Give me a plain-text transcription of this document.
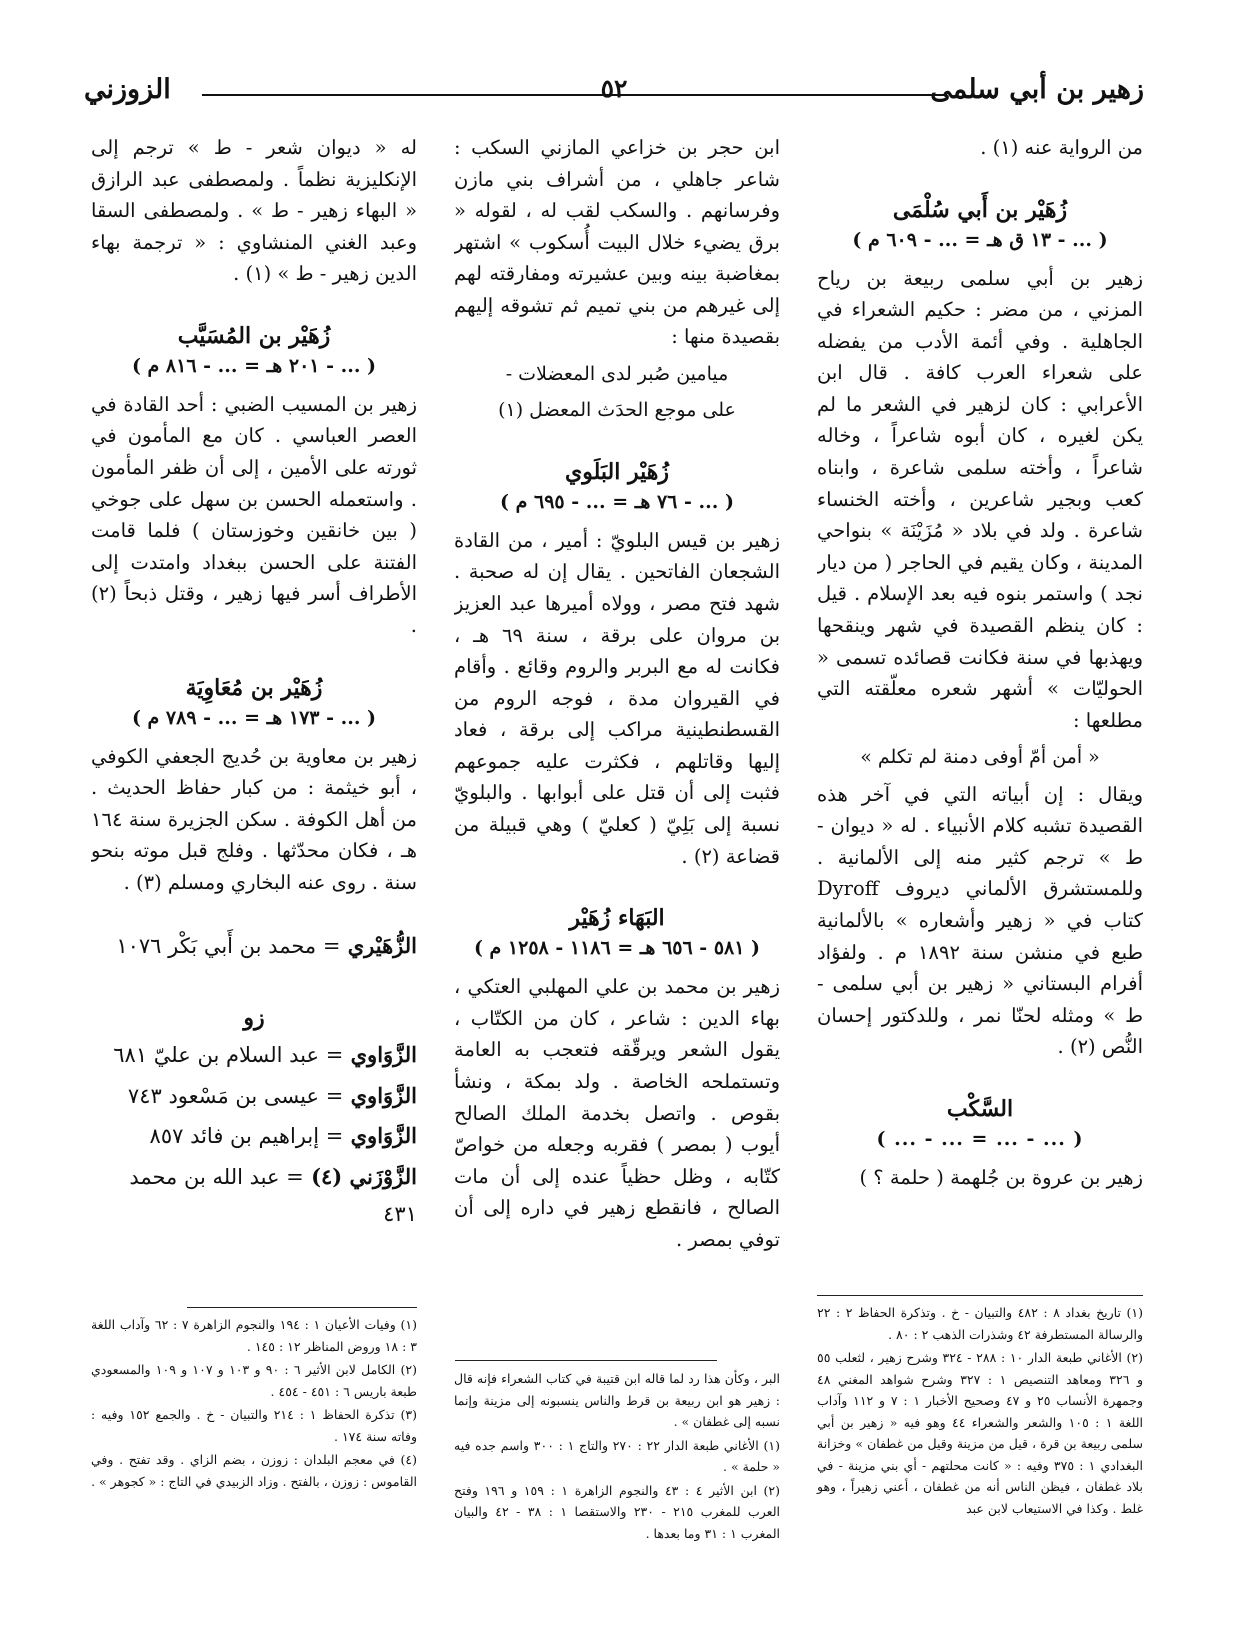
زهير بن أبي سلمى
٥٢
الزوزني

من الرواية عنه (١) .

زُهَيْر بن أَبي سُلْمَى
( ... - ١٣ ق هـ = ... - ٦٠٩ م )

زهير بن أبي سلمى ربيعة بن رياح المزني ، من مضر : حكيم الشعراء في الجاهلية . وفي أئمة الأدب من يفضله على شعراء العرب كافة . قال ابن الأعرابي : كان لزهير في الشعر ما لم يكن لغيره ، كان أبوه شاعراً ، وخاله شاعراً ، وأخته سلمى شاعرة ، وابناه كعب وبجير شاعرين ، وأخته الخنساء شاعرة . ولد في بلاد « مُزَيْنَة » بنواحي المدينة ، وكان يقيم في الحاجر ( من ديار نجد ) واستمر بنوه فيه بعد الإسلام . قيل : كان ينظم القصيدة في شهر وينقحها ويهذبها في سنة فكانت قصائده تسمى « الحوليّات » أشهر شعره معلّقته التي مطلعها :

« أمن أمّ أوفى دمنة لم تكلم »

ويقال : إن أبياته التي في آخر هذه القصيدة تشبه كلام الأنبياء . له « ديوان - ط » ترجم كثير منه إلى الألمانية . وللمستشرق الألماني ديروف Dyroff كتاب في « زهير وأشعاره » بالألمانية طبع في منشن سنة ١٨٩٢ م . ولفؤاد أفرام البستاني « زهير بن أبي سلمى - ط » ومثله لحنّا نمر ، وللدكتور إحسان النُّص (٢) .

السَّكْب
( ... - ... = ... - ... )

زهير بن عروة بن جُلهمة ( حلمة ؟ )

ابن حجر بن خزاعي المازني السكب : شاعر جاهلي ، من أشراف بني مازن وفرسانهم . والسكب لقب له ، لقوله « برق يضيء خلال البيت أُسكوب » اشتهر بمغاضبة بينه وبين عشيرته ومفارقته لهم إلى غيرهم من بني تميم ثم تشوقه إليهم بقصيدة منها :

ميامين صُبر لدى المعضلات -
على موجع الحدَث المعضل (١)
زُهَيْر البَلَوي
( ... - ٧٦ هـ = ... - ٦٩٥ م )

زهير بن قيس البلويّ : أمير ، من القادة الشجعان الفاتحين . يقال إن له صحبة . شهد فتح مصر ، وولاه أميرها عبد العزيز بن مروان على برقة ، سنة ٦٩ هـ ، فكانت له مع البربر والروم وقائع . وأقام في القيروان مدة ، فوجه الروم من القسطنطينية مراكب إلى برقة ، فعاد إليها وقاتلهم ، فكثرت عليه جموعهم فثبت إلى أن قتل على أبوابها . والبلويّ نسبة إلى بَلِيّ ( كعليّ ) وهي قبيلة من قضاعة (٢) .

البَهَاء زُهَيْر
( ٥٨١ - ٦٥٦ هـ = ١١٨٦ - ١٢٥٨ م )

زهير بن محمد بن علي المهلبي العتكي ، بهاء الدين : شاعر ، كان من الكتّاب ، يقول الشعر ويرقّقه فتعجب به العامة وتستملحه الخاصة . ولد بمكة ، ونشأ بقوص . واتصل بخدمة الملك الصالح أيوب ( بمصر ) فقربه وجعله من خواصّ كتّابه ، وظل حظياً عنده إلى أن مات الصالح ، فانقطع زهير في داره إلى أن توفي بمصر .

له « ديوان شعر - ط » ترجم إلى الإنكليزية نظماً . ولمصطفى عبد الرازق « البهاء زهير - ط » . ولمصطفى السقا وعبد الغني المنشاوي : « ترجمة بهاء الدين زهير - ط » (١) .

زُهَيْر بن المُسَيَّب
( ... - ٢٠١ هـ = ... - ٨١٦ م )

زهير بن المسيب الضبي : أحد القادة في العصر العباسي . كان مع المأمون في ثورته على الأمين ، إلى أن ظفر المأمون . واستعمله الحسن بن سهل على جوخي ( بين خانقين وخوزستان ) فلما قامت الفتنة على الحسن ببغداد وامتدت إلى الأطراف أسر فيها زهير ، وقتل ذبحاً (٢) .

زُهَيْر بن مُعَاوِيَة
( ... - ١٧٣ هـ = ... - ٧٨٩ م )

زهير بن معاوية بن حُديج الجعفي الكوفي ، أبو خيثمة : من كبار حفاظ الحديث . من أهل الكوفة . سكن الجزيرة سنة ١٦٤ هـ ، فكان محدّثها . وفلج قبل موته بنحو سنة . روى عنه البخاري ومسلم (٣) .

الزُّهَيْري = محمد بن أَبي بَكْر ١٠٧٦
زو
الزَّوَاوي = عبد السلام بن عليّ ٦٨١
الزَّوَاوي = عيسى بن مَسْعود ٧٤٣
الزَّوَاوي = إبراهيم بن فائد ٨٥٧
الزَّوْزَني (٤) = عبد الله بن محمد ٤٣١
(١) تاريخ بغداد ٨ : ٤٨٢ والتبيان - خ . وتذكرة الحفاظ ٢ : ٢٢ والرسالة المستطرفة ٤٢ وشذرات الذهب ٢ : ٨٠ .
(٢) الأغاني طبعة الدار ١٠ : ٢٨٨ - ٣٢٤ وشرح زهير ، لثعلب ٥٥ و ٣٢٦ ومعاهد التنصيص ١ : ٣٢٧ وشرح شواهد المغني ٤٨ وجمهرة الأنساب ٢٥ و ٤٧ وصحيح الأخبار ١ : ٧ و ١١٢ وآداب اللغة ١ : ١٠٥ والشعر والشعراء ٤٤ وهو فيه « زهير بن أبي سلمى ربيعة بن قرة ، قيل من مزينة وقيل من غطفان » وخزانة البغدادي ١ : ٣٧٥ وفيه : « كانت محلتهم - أي بني مزينة - في بلاد غطفان ، فيظن الناس أنه من غطفان ، أعني زهيراً ، وهو غلط . وكذا في الاستيعاب لابن عبد
البر ، وكأن هذا رد لما قاله ابن قتيبة في كتاب الشعراء فإنه قال : زهير هو ابن ربيعة بن قرط والناس ينسبونه إلى مزينة وإنما نسبه إلى غطفان » .
(١) الأغاني طبعة الدار ٢٢ : ٢٧٠ والتاج ١ : ٣٠٠ واسم جده فيه « حلمة » .
(٢) ابن الأثير ٤ : ٤٣ والنجوم الزاهرة ١ : ١٥٩ و ١٩٦ وفتح العرب للمغرب ٢١٥ - ٢٣٠ والاستقصا ١ : ٣٨ - ٤٢ والبيان المغرب ١ : ٣١ وما بعدها .
(١) وفيات الأعيان ١ : ١٩٤ والنجوم الزاهرة ٧ : ٦٢ وآداب اللغة ٣ : ١٨ وروض المناظر ١٢ : ١٤٥ .
(٢) الكامل لابن الأثير ٦ : ٩٠ و ١٠٣ و ١٠٧ و ١٠٩ والمسعودي طبعة باريس ٦ : ٤٥١ - ٤٥٤ .
(٣) تذكرة الحفاظ ١ : ٢١٤ والتبيان - خ . والجمع ١٥٢ وفيه : وفاته سنة ١٧٤ .
(٤) في معجم البلدان : زوزن ، بضم الزاي . وقد تفتح . وفي القاموس : زوزن ، بالفتح . وزاد الزبيدي في التاج : « كجوهر » .
